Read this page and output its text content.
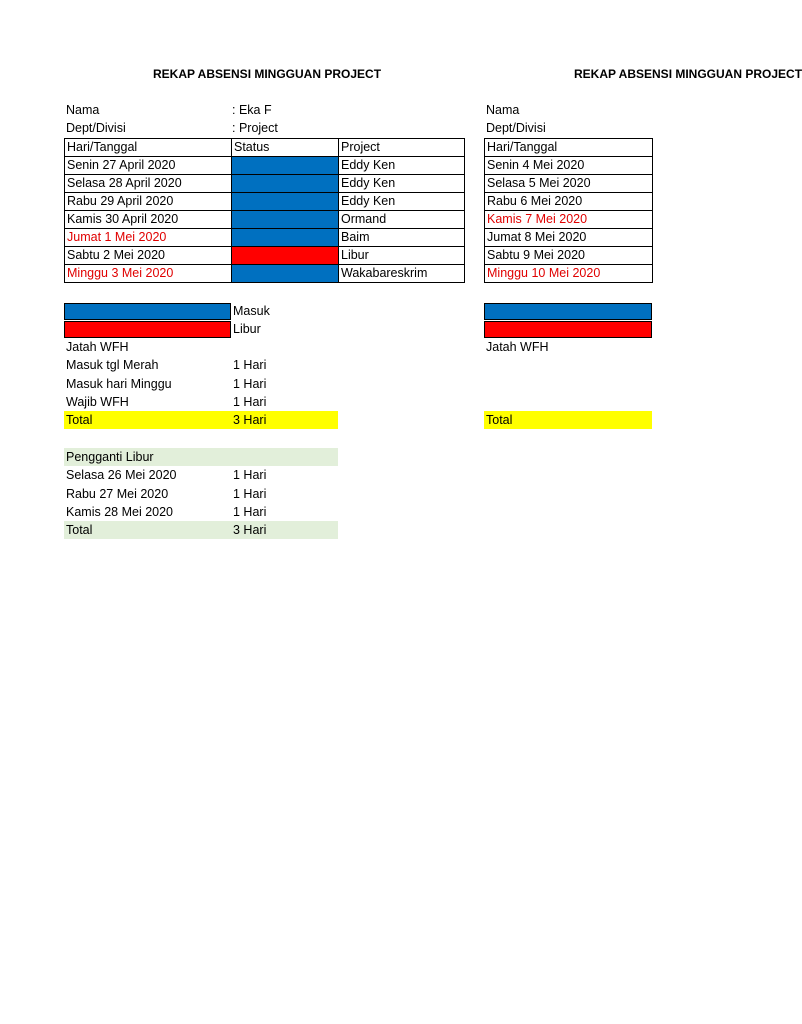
REKAP ABSENSI MINGGUAN PROJECT
Nama	: Eka F
Dept/Divisi	: Project
Hari/Tanggal	Status	Project
Senin 27 April 2020		Eddy Ken
Selasa 28 April 2020		Eddy Ken
Rabu 29 April 2020		Eddy Ken
Kamis 30 April 2020		Ormand
Jumat 1 Mei 2020		Baim
Sabtu 2 Mei 2020		Libur
Minggu 3 Mei 2020		Wakabareskrim
Masuk
Libur
Jatah WFH
Masuk tgl Merah	1 Hari
Masuk hari Minggu	1 Hari
Wajib WFH	1 Hari
Total	3 Hari
Pengganti Libur
Selasa 26 Mei 2020	1 Hari
Rabu 27 Mei 2020	1 Hari
Kamis 28 Mei 2020	1 Hari
Total	3 Hari
REKAP ABSENSI MINGGUAN PROJECT
Nama
Dept/Divisi
Hari/Tanggal
Senin 4 Mei 2020
Selasa 5 Mei 2020
Rabu 6 Mei 2020
Kamis 7 Mei 2020
Jumat 8 Mei 2020
Sabtu 9 Mei 2020
Minggu 10 Mei 2020
Jatah WFH
Total
